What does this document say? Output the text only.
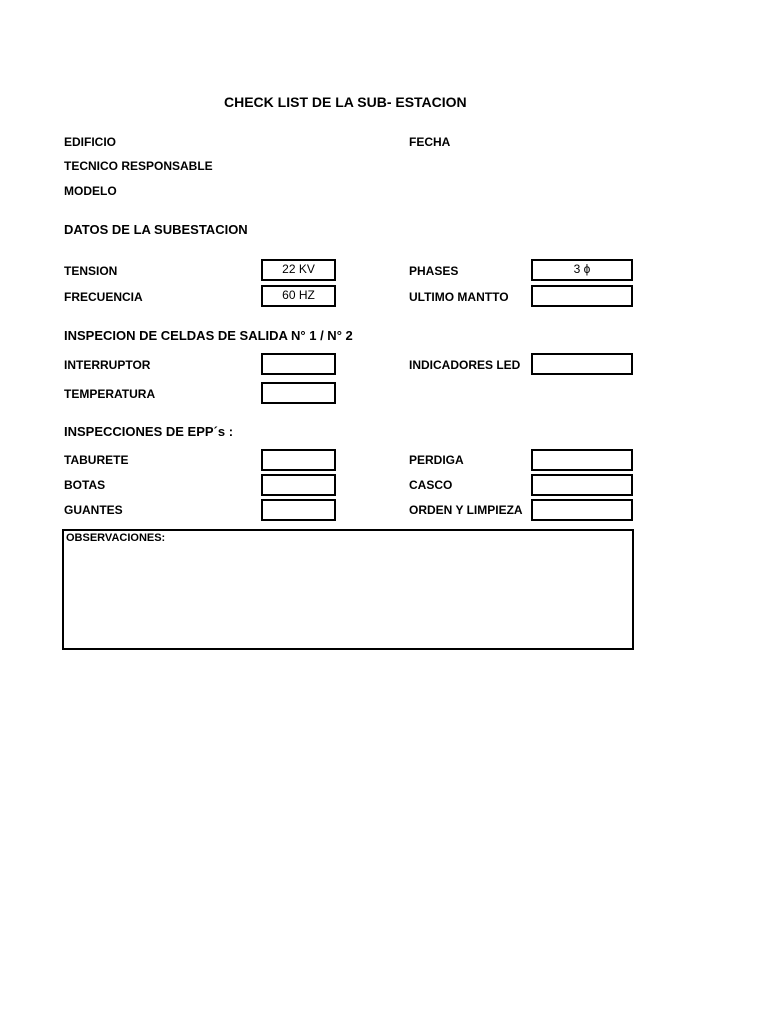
CHECK LIST DE LA SUB- ESTACION
EDIFICIO	FECHA
TECNICO RESPONSABLE
MODELO
DATOS DE LA SUBESTACION
TENSION	22 KV	PHASES	3 ϕ
FRECUENCIA	60 HZ	ULTIMO MANTTO
INSPECION DE CELDAS DE SALIDA N° 1 / N° 2
INTERRUPTOR	INDICADORES LED
TEMPERATURA
INSPECCIONES DE EPP´s :
TABURETE	PERDIGA
BOTAS	CASCO
GUANTES	ORDEN Y LIMPIEZA
OBSERVACIONES:
